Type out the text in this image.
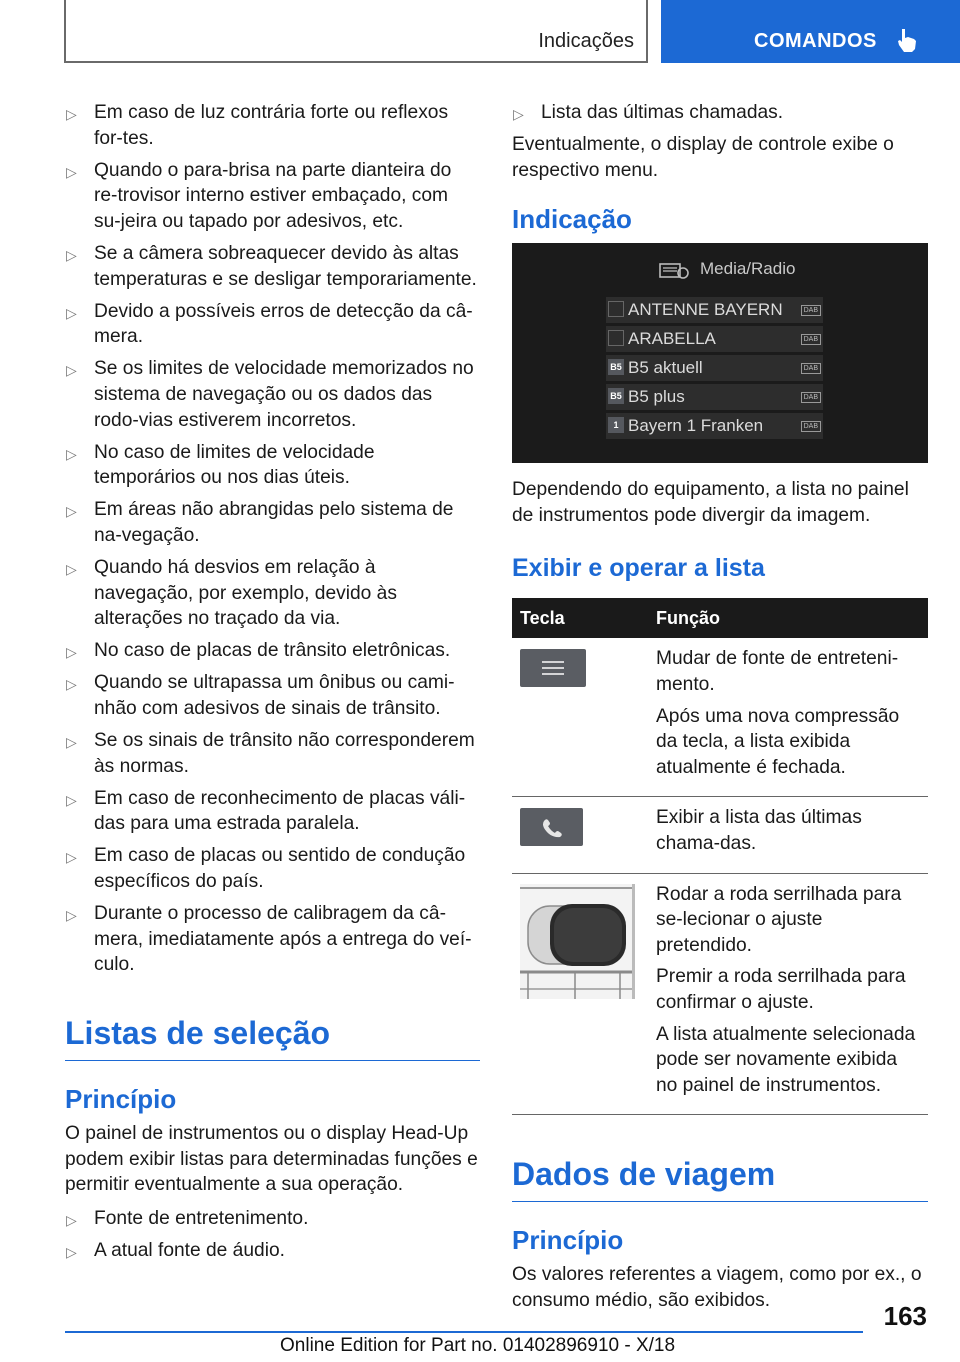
Indicações	COMANDOS
▷ Em caso de luz contrária forte ou reflexos for-tes.
▷ Quando o para-brisa na parte dianteira do re-trovisor interno estiver embaçado, com su-jeira ou tapado por adesivos, etc.
▷ Se a câmera sobreaquecer devido às altas temperaturas e se desligar temporariamente.
▷ Devido a possíveis erros de detecção da câ-mera.
▷ Se os limites de velocidade memorizados no sistema de navegação ou os dados das rodo-vias estiverem incorretos.
▷ No caso de limites de velocidade temporários ou nos dias úteis.
▷ Em áreas não abrangidas pelo sistema de na-vegação.
▷ Quando há desvios em relação à navegação, por exemplo, devido às alterações no traçado da via.
▷ No caso de placas de trânsito eletrônicas.
▷ Quando se ultrapassa um ônibus ou cami-nhão com adesivos de sinais de trânsito.
▷ Se os sinais de trânsito não corresponderem às normas.
▷ Em caso de reconhecimento de placas váli-das para uma estrada paralela.
▷ Em caso de placas ou sentido de condução específicos do país.
▷ Durante o processo de calibragem da câ-mera, imediatamente após a entrega do veí-culo.
Listas de seleção
Princípio

O painel de instrumentos ou o display Head-Up podem exibir listas para determinadas funções e permitir eventualmente a sua operação.

▷ Fonte de entretenimento.
▷ A atual fonte de áudio.
▷ Lista das últimas chamadas.

Eventualmente, o display de controle exibe o respectivo menu.

Indicação
Media/Radio
ANTENNE BAYERN	DAB
ARABELLA	DAB
B5 B5 aktuell	DAB
B5 B5 plus	DAB
1 Bayern 1 Franken	DAB

Dependendo do equipamento, a lista no painel de instrumentos pode divergir da imagem.

Exibir e operar a lista
Tecla	Função

Mudar de fonte de entreteni-mento.

Após uma nova compressão da tecla, a lista exibida atualmente é fechada.

Exibir a lista das últimas chama-das.

Rodar a roda serrilhada para se-lecionar o ajuste pretendido.

Premir a roda serrilhada para confirmar o ajuste.

A lista atualmente selecionada pode ser novamente exibida no painel de instrumentos.

Dados de viagem
Princípio

Os valores referentes a viagem, como por ex., o consumo médio, são exibidos.

163
Online Edition for Part no. 01402896910 - X/18
